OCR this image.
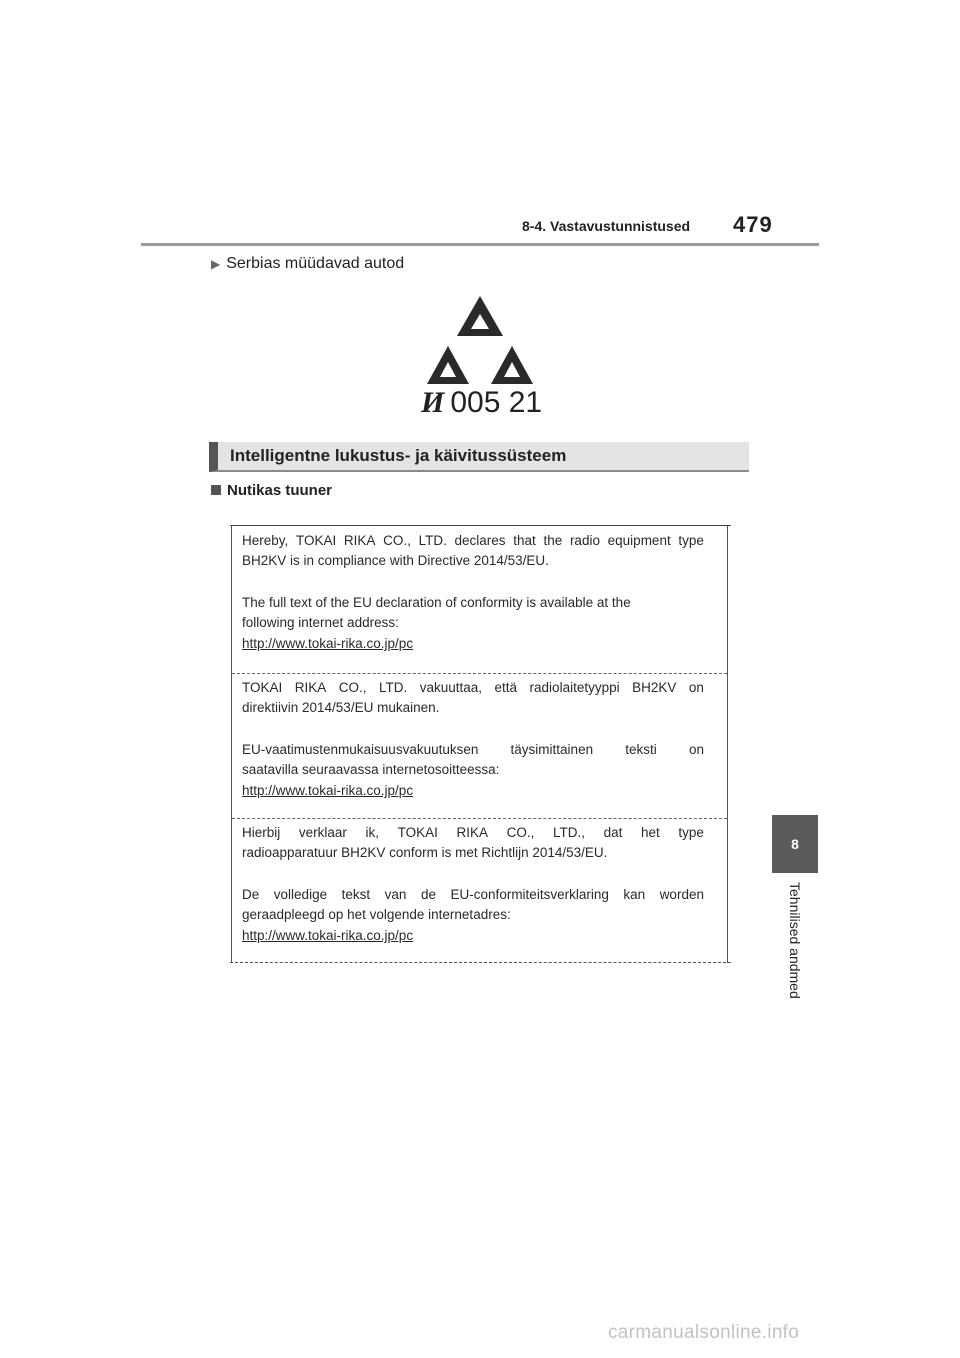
8-4. Vastavustunnistused 479
▶ Serbias müüdavad autod
И 005 21
Intelligentne lukustus- ja käivitussüsteem
Nutikas tuuner
Hereby, TOKAI RIKA CO., LTD. declares that the radio equipment type
BH2KV is in compliance with Directive 2014/53/EU.
The full text of the EU declaration of conformity is available at the
following internet address:
http://www.tokai-rika.co.jp/pc
TOKAI RIKA CO., LTD. vakuuttaa, että radiolaitetyyppi BH2KV on
direktiivin 2014/53/EU mukainen.
EU-vaatimustenmukaisuusvakuutuksen täysimittainen teksti on
saatavilla seuraavassa internetosoitteessa:
http://www.tokai-rika.co.jp/pc
Hierbij verklaar ik, TOKAI RIKA CO., LTD., dat het type
radioapparatuur BH2KV conform is met Richtlijn 2014/53/EU.
De volledige tekst van de EU-conformiteitsverklaring kan worden
geraadpleegd op het volgende internetadres:
http://www.tokai-rika.co.jp/pc
8
Tehnilised andmed
carmanualsonline.info
